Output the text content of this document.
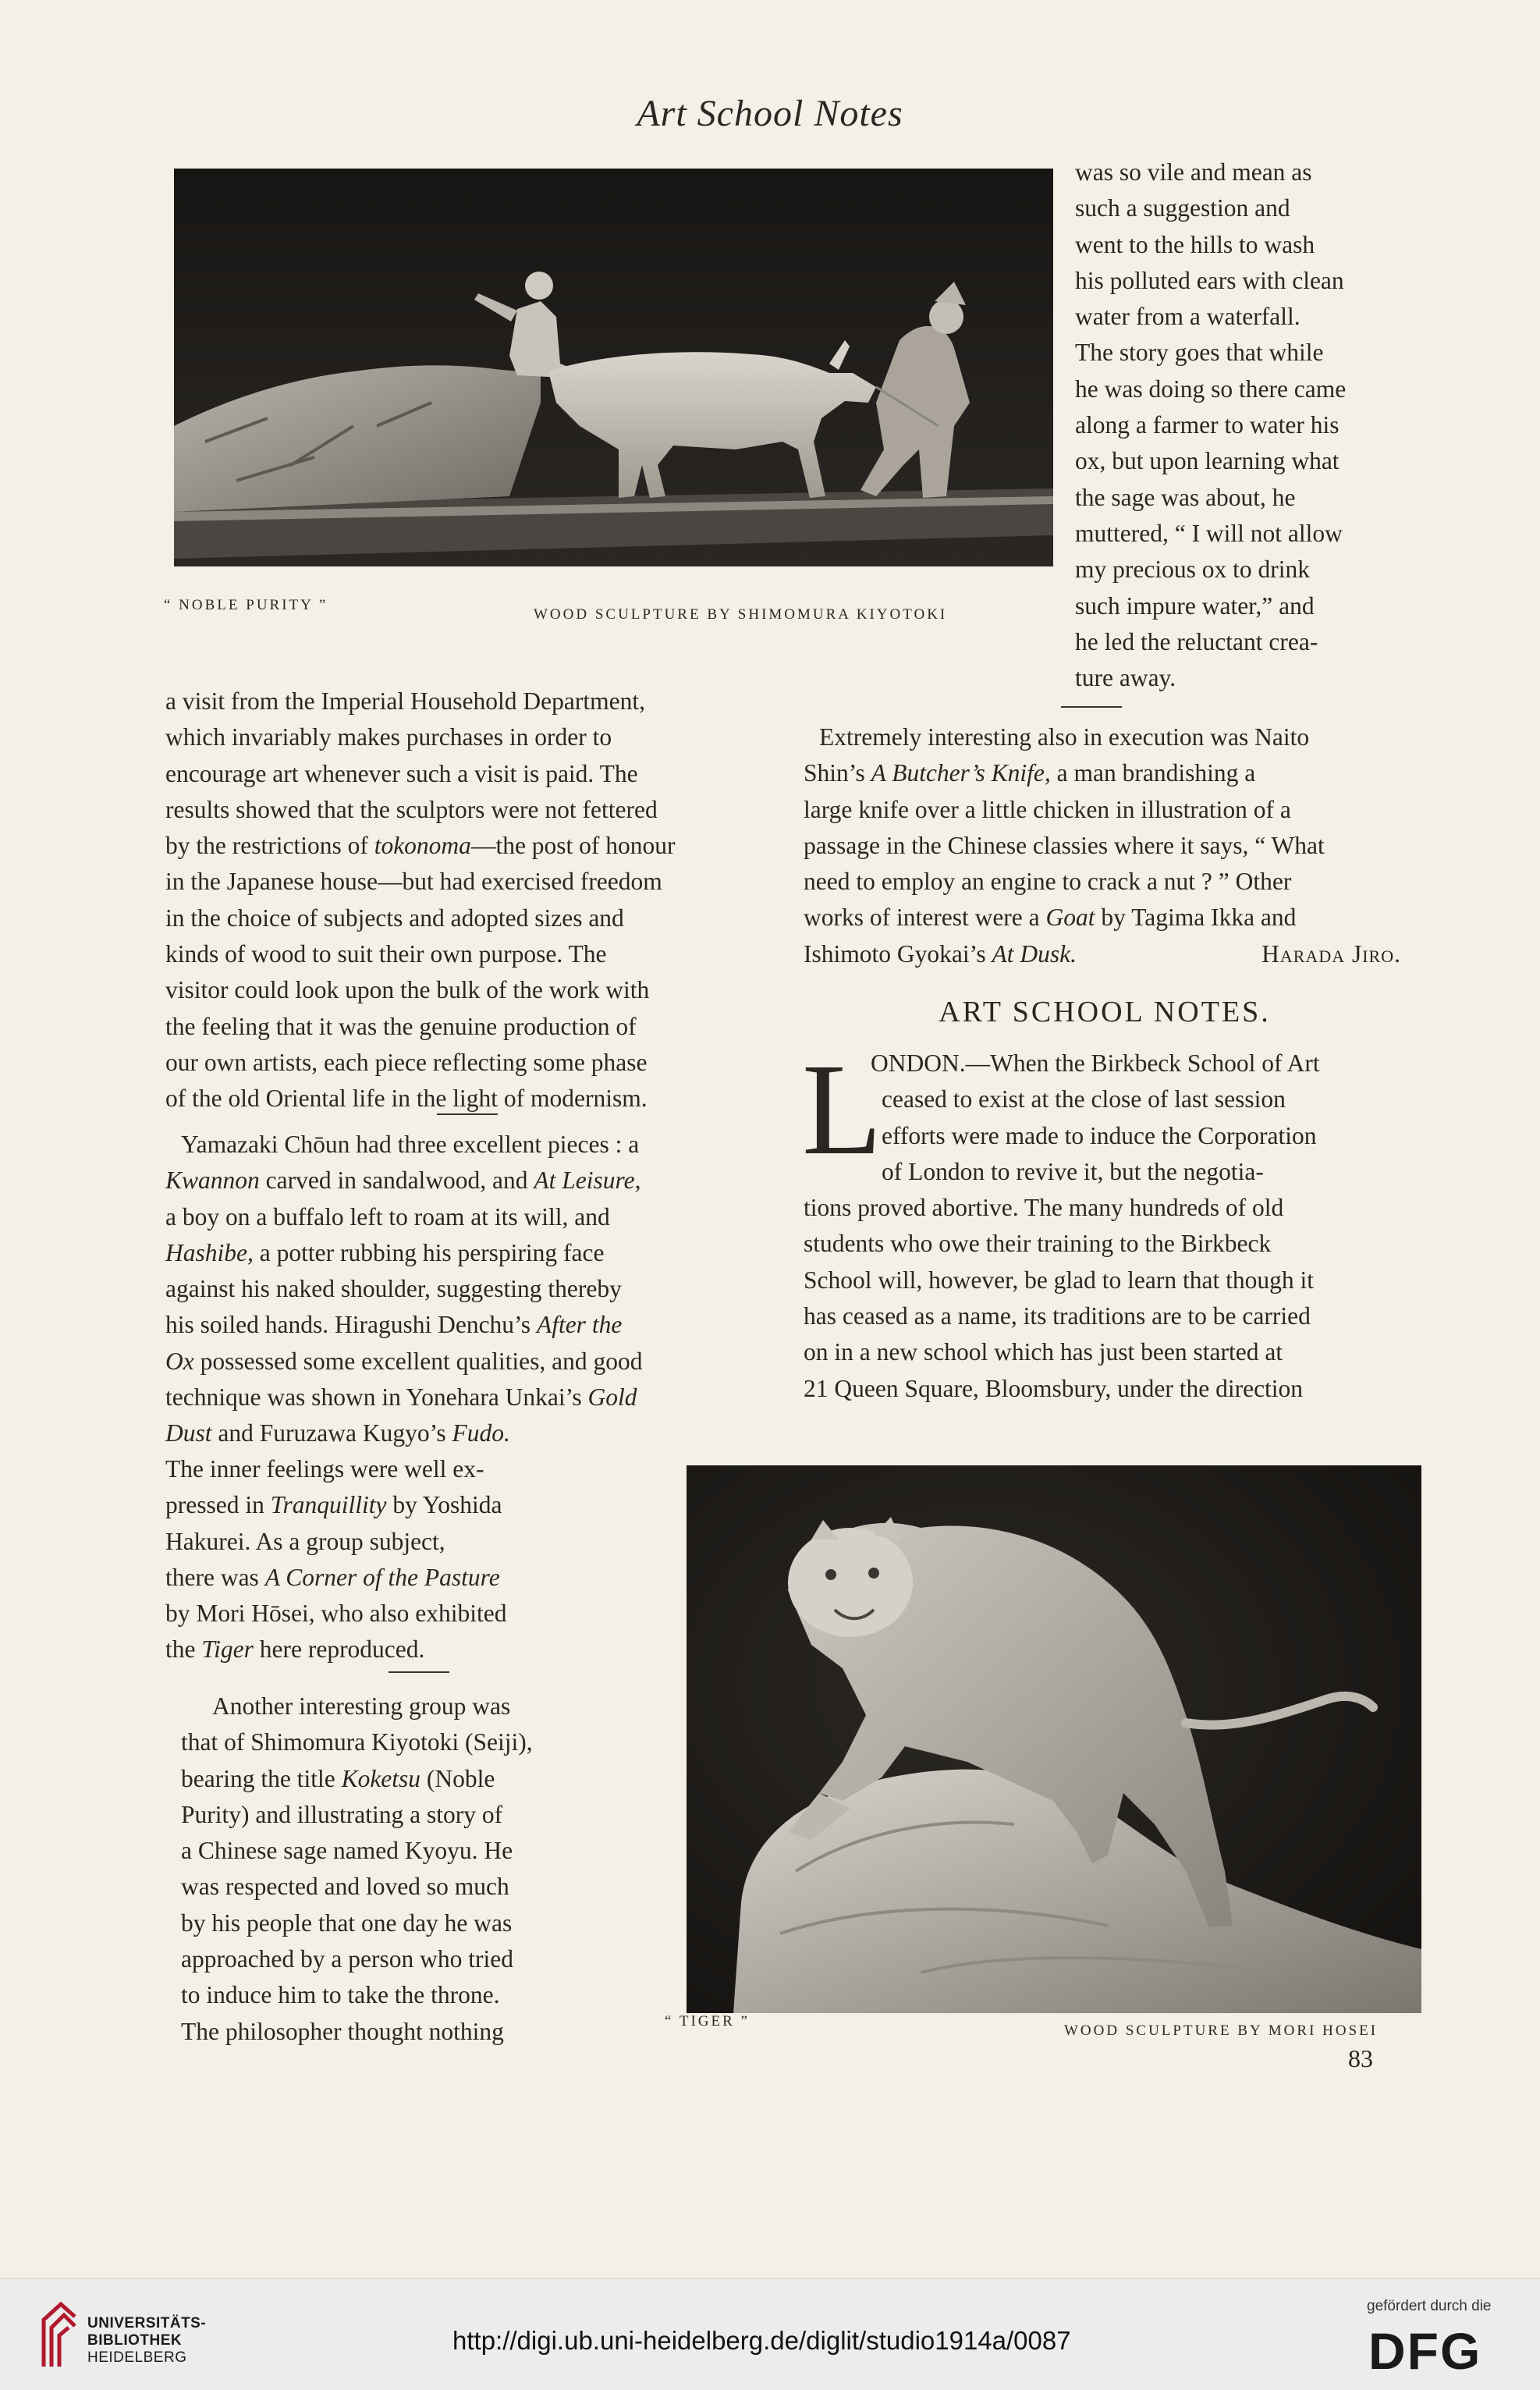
Art School Notes
“ NOBLE PURITY ”
WOOD SCULPTURE BY SHIMOMURA KIYOTOKI

was so vile and mean as

such a suggestion and

went to the hills to wash

his polluted ears with clean

water from a waterfall.

The story goes that while

he was doing so there came

along a farmer to water his

ox, but upon learning what

the sage was about, he

muttered, “ I will not allow

my precious ox to drink

such impure water,” and

he led the reluctant crea-

ture away.

a visit from the Imperial Household Department,

which invariably makes purchases in order to

encourage art whenever such a visit is paid. The

results showed that the sculptors were not fettered

by the restrictions of tokonoma—the post of honour

in the Japanese house—but had exercised freedom

in the choice of subjects and adopted sizes and

kinds of wood to suit their own purpose. The

visitor could look upon the bulk of the work with

the feeling that it was the genuine production of

our own artists, each piece reflecting some phase

of the old Oriental life in the light of modernism.

Yamazaki Chōun had three excellent pieces : a

Kwannon carved in sandalwood, and At Leisure,

a boy on a buffalo left to roam at its will, and

Hashibe, a potter rubbing his perspiring face

against his naked shoulder, suggesting thereby

his soiled hands. Hiragushi Denchu’s After the

Ox possessed some excellent qualities, and good

technique was shown in Yonehara Unkai’s Gold

Dust and Furuzawa Kugyo’s Fudo.

The inner feelings were well ex-

pressed in Tranquillity by Yoshida

Hakurei. As a group subject,

there was A Corner of the Pasture

by Mori Hōsei, who also exhibited

the Tiger here reproduced.

Another interesting group was

that of Shimomura Kiyotoki (Seiji),

bearing the title Koketsu (Noble

Purity) and illustrating a story of

a Chinese sage named Kyoyu. He

was respected and loved so much

by his people that one day he was

approached by a person who tried

to induce him to take the throne.

The philosopher thought nothing

Extremely interesting also in execution was Naito

Shin’s A Butcher’s Knife, a man brandishing a

large knife over a little chicken in illustration of a

passage in the Chinese classies where it says, “ What

need to employ an engine to crack a nut ? ” Other

works of interest were a Goat by Tagima Ikka and

Ishimoto Gyokai’s At Dusk.	Harada Jiro.

ART SCHOOL NOTES.
L

ONDON.—When the Birkbeck School of Art

ceased to exist at the close of last session

efforts were made to induce the Corporation

of London to revive it, but the negotia-

tions proved abortive. The many hundreds of old

students who owe their training to the Birkbeck

School will, however, be glad to learn that though it

has ceased as a name, its traditions are to be carried

on in a new school which has just been started at

21 Queen Square, Bloomsbury, under the direction

“ TIGER ”
WOOD SCULPTURE BY MORI HOSEI
83
UNIVERSITÄTS-
BIBLIOTHEK
HEIDELBERG
http://digi.ub.uni-heidelberg.de/diglit/studio1914a/0087
gefördert durch die
DFG
